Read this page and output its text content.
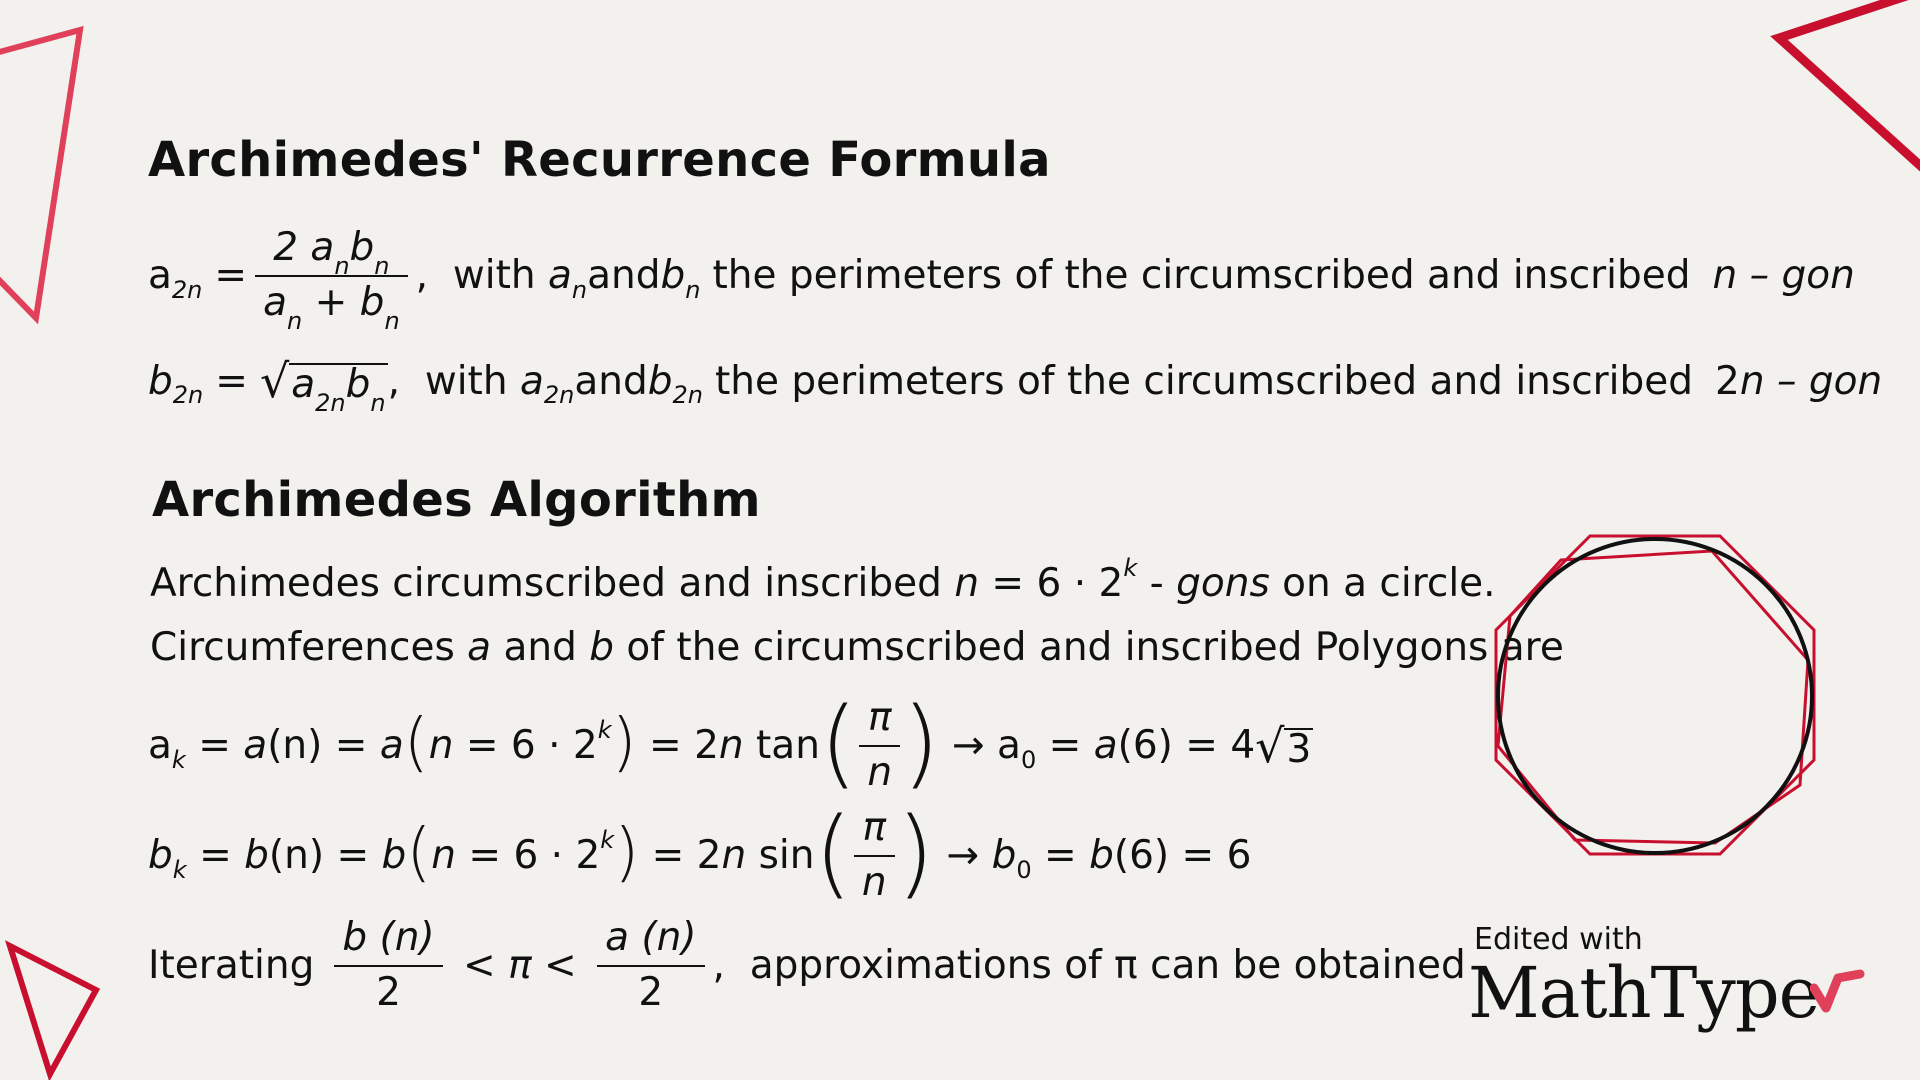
Archimedes' Recurrence Formula
a $2n = \frac{2 a_nb_n}{a_n + b_n}$ ,  with a n and b n the perimeters of the circumscribed and inscribed n – gon
b 2n = √ $a_{2n}b_n$ ,  with a 2n and b 2n the perimeters of the circumscribed and inscribed 2 n – gon
Archimedes Algorithm
Archimedes circumscribed and inscribed n = 6 · 2 k - gons on a circle.
Circumferences a and b of the circumscribed and inscribed Polygons are
a k = a (n) = a ( n = 6 · 2 k ) = 2 n tan ( $\frac{\pi}{n}$ ) → a 0 = a (6) = 4 √ 3
b k = b (n) = b ( n = 6 · 2 k ) = 2 n sin ( $\frac{\pi}{n}$ ) → b 0 = b (6) = 6
Iterating $\frac{b (n)}{2} < \pi < \frac{a (n)}{2}$ ,  approximations of π can be obtained
Edited with
MathType
